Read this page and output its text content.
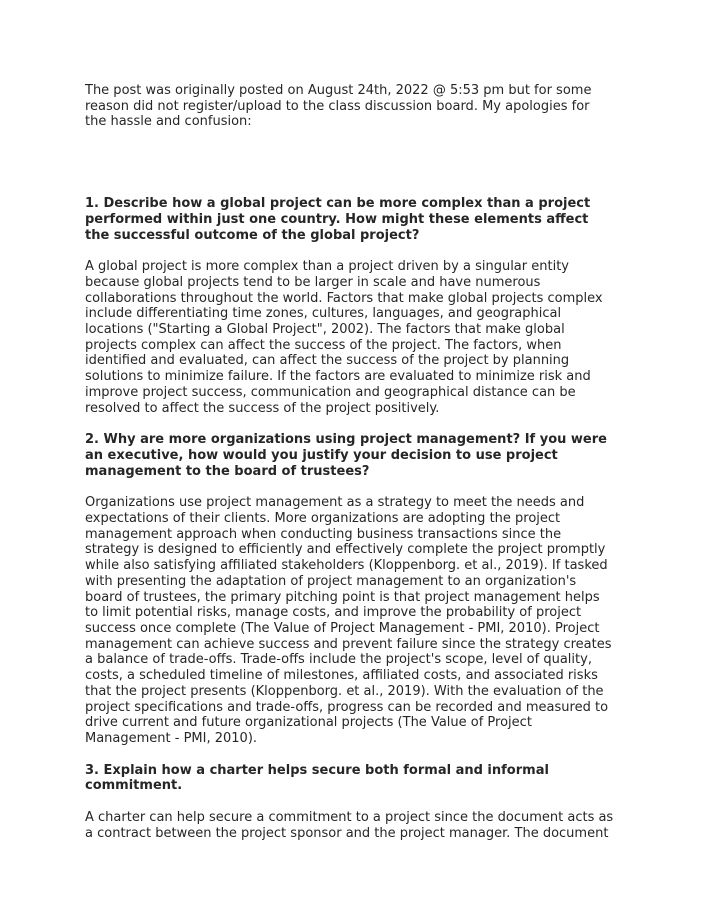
The post was originally posted on August 24th, 2022 @ 5:53 pm but for some
reason did not register/upload to the class discussion board. My apologies for
the hassle and confusion:

1. Describe how a global project can be more complex than a project
performed within just one country. How might these elements affect
the successful outcome of the global project?

A global project is more complex than a project driven by a singular entity
because global projects tend to be larger in scale and have numerous
collaborations throughout the world. Factors that make global projects complex
include differentiating time zones, cultures, languages, and geographical
locations ("Starting a Global Project", 2002). The factors that make global
projects complex can affect the success of the project. The factors, when
identified and evaluated, can affect the success of the project by planning
solutions to minimize failure. If the factors are evaluated to minimize risk and
improve project success, communication and geographical distance can be
resolved to affect the success of the project positively.

2. Why are more organizations using project management? If you were
an executive, how would you justify your decision to use project
management to the board of trustees?

Organizations use project management as a strategy to meet the needs and
expectations of their clients. More organizations are adopting the project
management approach when conducting business transactions since the
strategy is designed to efficiently and effectively complete the project promptly
while also satisfying affiliated stakeholders (Kloppenborg. et al., 2019). If tasked
with presenting the adaptation of project management to an organization's
board of trustees, the primary pitching point is that project management helps
to limit potential risks, manage costs, and improve the probability of project
success once complete (The Value of Project Management - PMI, 2010). Project
management can achieve success and prevent failure since the strategy creates
a balance of trade-offs. Trade-offs include the project's scope, level of quality,
costs, a scheduled timeline of milestones, affiliated costs, and associated risks
that the project presents (Kloppenborg. et al., 2019). With the evaluation of the
project specifications and trade-offs, progress can be recorded and measured to
drive current and future organizational projects (The Value of Project
Management - PMI, 2010).

3. Explain how a charter helps secure both formal and informal
commitment.

A charter can help secure a commitment to a project since the document acts as
a contract between the project sponsor and the project manager. The document
